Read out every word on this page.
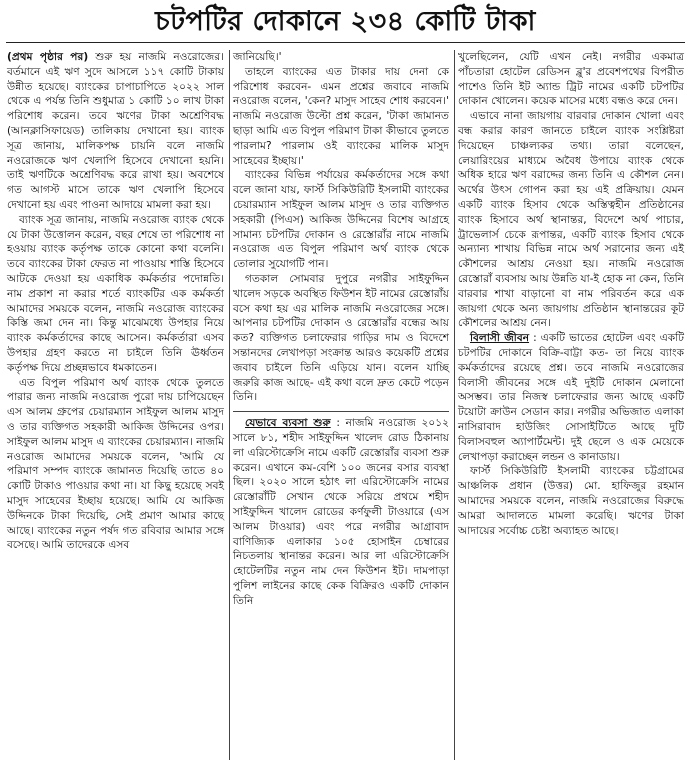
চটপটির দোকানে ২৩৪ কোটি টাকা

(প্রথম পৃষ্ঠার পর) শুরু হয় নাজমি নওরোজের। বর্তমানে এই ঋণ সুদে আসলে ১১৭ কোটি টাকায় উন্নীত হয়েছে। ব্যাংকের চাপাচাপিতে ২০২২ সাল থেকে এ পর্যন্ত তিনি শুধুমাত্র ১ কোটি ১০ লাখ টাকা পরিশোধ করেন। তবে ঋণের টাকা অশ্রেণিবদ্ধ (আনক্লাসিফায়েড) তালিকায় দেখানো হয়। ব্যাংক সূত্র জানায়, মালিকপক্ষ চায়নি বলে নাজমি নওরোজকে ঋণ খেলাপি হিসেবে দেখানো হয়নি। তাই ঋণটিকে অশ্রেণিবদ্ধ করে রাখা হয়। অবশেষে গত আগস্ট মাসে তাকে ঋণ খেলাপি হিসেবে দেখানো হয় এবং পাওনা আদায়ে মামলা করা হয়।

ব্যাংক সূত্র জানায়, নাজমি নওরোজ ব্যাংক থেকে যে টাকা উত্তোলন করেন, বছর শেষে তা পরিশোধ না হওয়ায় ব্যাংক কর্তৃপক্ষ তাকে কোনো কথা বলেনি। তবে ব্যাংকের টাকা ফেরত না পাওয়ায় শাস্তি হিসেবে আটকে দেওয়া হয় একাধিক কর্মকর্তার পদোন্নতি। নাম প্রকাশ না করার শর্তে ব্যাংকটির এক কর্মকর্তা আমাদের সময়কে বলেন, নাজমি নওরোজ ব্যাংকের কিস্তি জমা দেন না। কিন্তু মাঝেমধ্যে উপহার নিয়ে ব্যাংক কর্মকর্তাদের কাছে আসেন। কর্মকর্তারা এসব উপহার গ্রহণ করতে না চাইলে তিনি ঊর্ধ্বতন কর্তৃপক্ষ দিয়ে প্রচ্ছন্নভাবে ধমকাতেন।

এত বিপুল পরিমাণ অর্থ ব্যাংক থেকে তুলতে পারার জন্য নাজমি নওরোজ পুরো দায় চাপিয়েছেন এস আলম গ্রুপের চেয়ারম্যান সাইফুল আলম মাসুদ ও তার ব্যক্তিগত সহকারী আকিজ উদ্দিনের ওপর। সাইফুল আলম মাসুদ এ ব্যাংকের চেয়ারম্যান। নাজমি নওরোজ আমাদের সময়কে বলেন, 'আমি যে পরিমাণ সম্পদ ব্যাংকে জামানত দিয়েছি তাতে ৪০ কোটি টাকাও পাওয়ার কথা না। যা কিছু হয়েছে সবই মাসুদ সাহেবের ইচ্ছায় হয়েছে। আমি যে আকিজ উদ্দিনকে টাকা দিয়েছি, সেই প্রমাণ আমার কাছে আছে। ব্যাংকের নতুন পর্ষদ গত রবিবার আমার সঙ্গে বসেছে। আমি তাদেরকে এসব

জানিয়েছি।'

তাহলে ব্যাংকের এত টাকার দায় দেনা কে পরিশোধ করবেন- এমন প্রশ্নের জবাবে নাজমি নওরোজ বলেন, 'কেন? মাসুদ সাহেব শোধ করবেন।' নাজমি নওরোজ উল্টো প্রশ্ন করেন, 'টাকা জামানত ছাড়া আমি এত বিপুল পরিমাণ টাকা কীভাবে তুলতে পারলাম? পারলাম ওই ব্যাংকের মালিক মাসুদ সাহেবের ইচ্ছায়।'

ব্যাংকের বিভিন্ন পর্যায়ের কর্মকর্তাদের সঙ্গে কথা বলে জানা যায়, ফার্স্ট সিকিউরিটি ইসলামী ব্যাংকের চেয়ারম্যান সাইফুল আলম মাসুদ ও তার ব্যক্তিগত সহকারী (পিএস) আকিজ উদ্দিনের বিশেষ আগ্রহে সামান্য চটপটির দোকান ও রেস্তোরাঁর নামে নাজমি নওরোজ এত বিপুল পরিমাণ অর্থ ব্যাংক থেকে তোলার সুযোগটি পান।

গতকাল সোমবার দুপুরে নগরীর সাইফুদ্দিন খালেদ সড়কে অবস্থিত ফিউশন ইট নামের রেস্তোরাঁয় বসে কথা হয় এর মালিক নাজমি নওরোজের সঙ্গে। আপনার চটপটির দোকান ও রেস্তোরাঁর বন্ধের আয় কত? ব্যক্তিগত চলাফেরার গাড়ির দাম ও বিদেশে সন্তানদের লেখাপড়া সংক্রান্ত আরও কয়েকটি প্রশ্নের জবাব চাইলে তিনি এড়িয়ে যান। বলেন যাচ্ছি জরুরি কাজ আছে- এই কথা বলে দ্রুত কেটে পড়েন তিনি।

যেভাবে ব্যবসা শুরু : নাজমি নওরোজ ২০১২ সালে ৮১, শহীদ সাইফুদ্দিন খালেদ রোড ঠিকানায় লা এরিস্টোক্রেসি নামে একটি রেস্তোরাঁর ব্যবসা শুরু করেন। এখানে কম-বেশি ১০০ জনের বসার ব্যবস্থা ছিল। ২০২০ সালে হঠাৎ লা এরিস্টোক্রেসি নামের রেস্তোরাঁটি সেখান থেকে সরিয়ে প্রথমে শহীদ সাইফুদ্দিন খালেদ রোডের কর্ণফুলী টাওয়ারে (এস আলম টাওয়ার) এবং পরে নগরীর আগ্রাবাদ বাণিজ্যিক এলাকার ১০৫ হোসাইন চেম্বারের নিচতলায় স্থানান্তর করেন। আর লা এরিস্টোক্রেসি হোটেলটির নতুন নাম দেন ফিউশন ইট। দামপাড়া পুলিশ লাইনের কাছে কেক বিক্রিরও একটি দোকান তিনি

খুলেছিলেন, যেটি এখন নেই। নগরীর একমাত্র পাঁচতারা হোটেল রেডিসন ব্লু'র প্রবেশপথের বিপরীত পাশেও তিনি ইট অ্যান্ড ট্রিট নামের একটি চটপটির দোকান খোলেন। কয়েক মাসের মধ্যে বন্ধও করে দেন।

এভাবে নানা জায়গায় বারবার দোকান খোলা এবং বন্ধ করার কারণ জানতে চাইলে ব্যাংক সংশ্লিষ্টরা দিয়েছেন চাঞ্চল্যকর তথ্য। তারা বলেছেন, লেয়ারিংয়ের মাধ্যমে অবৈধ উপায়ে ব্যাংক থেকে অধিক হারে ঋণ বরাদ্দের জন্য তিনি এ কৌশল নেন। অর্থের উৎস গোপন করা হয় এই প্রক্রিয়ায়। যেমন একটি ব্যাংক হিসাব থেকে অস্তিত্বহীন প্রতিষ্ঠানের ব্যাংক হিসাবে অর্থ স্থানান্তর, বিদেশে অর্থ পাচার, ট্রাভেলার্স চেকে রূপান্তর, একটি ব্যাংক হিসাব থেকে অন্যান্য শাখায় বিভিন্ন নামে অর্থ সরানোর জন্য এই কৌশলের আশ্রয় নেওয়া হয়। নাজমি নওরোজ রেস্তোরাঁ ব্যবসায় আয় উন্নতি যা-ই হোক না কেন, তিনি বারবার শাখা বাড়ানো বা নাম পরিবর্তন করে এক জায়গা থেকে অন্য জায়গায় প্রতিষ্ঠান স্থানান্তরের কূট কৌশলের আশ্রয় নেন।

বিলাসী জীবন : একটি ভাতের হোটেল এবং একটি চটপটির দোকানে বিক্রি-বাট্টা কত- তা নিয়ে ব্যাংক কর্মকর্তাদের রয়েছে প্রশ্ন। তবে নাজমি নওরোজের বিলাসী জীবনের সঙ্গে এই দুইটি দোকান মেলানো অসম্ভব। তার নিজস্ব চলাফেরার জন্য আছে একটি টয়োটা ক্রাউন সেডান কার। নগরীর অভিজাত এলাকা নাসিরাবাদ হাউজিং সোসাইটিতে আছে দুটি বিলাসবহুল অ্যাপার্টমেন্ট। দুই ছেলে ও এক মেয়েকে লেখাপড়া করাচ্ছেন লন্ডন ও কানাডায়।

ফার্স্ট সিকিউরিটি ইসলামী ব্যাংকের চট্টগ্রামের আঞ্চলিক প্রধান (উত্তর) মো. হাফিজুর রহমান আমাদের সময়কে বলেন, নাজমি নওরোজের বিরুদ্ধে আমরা আদালতে মামলা করেছি। ঋণের টাকা আদায়ের সর্বোচ্চ চেষ্টা অব্যাহত আছে।
